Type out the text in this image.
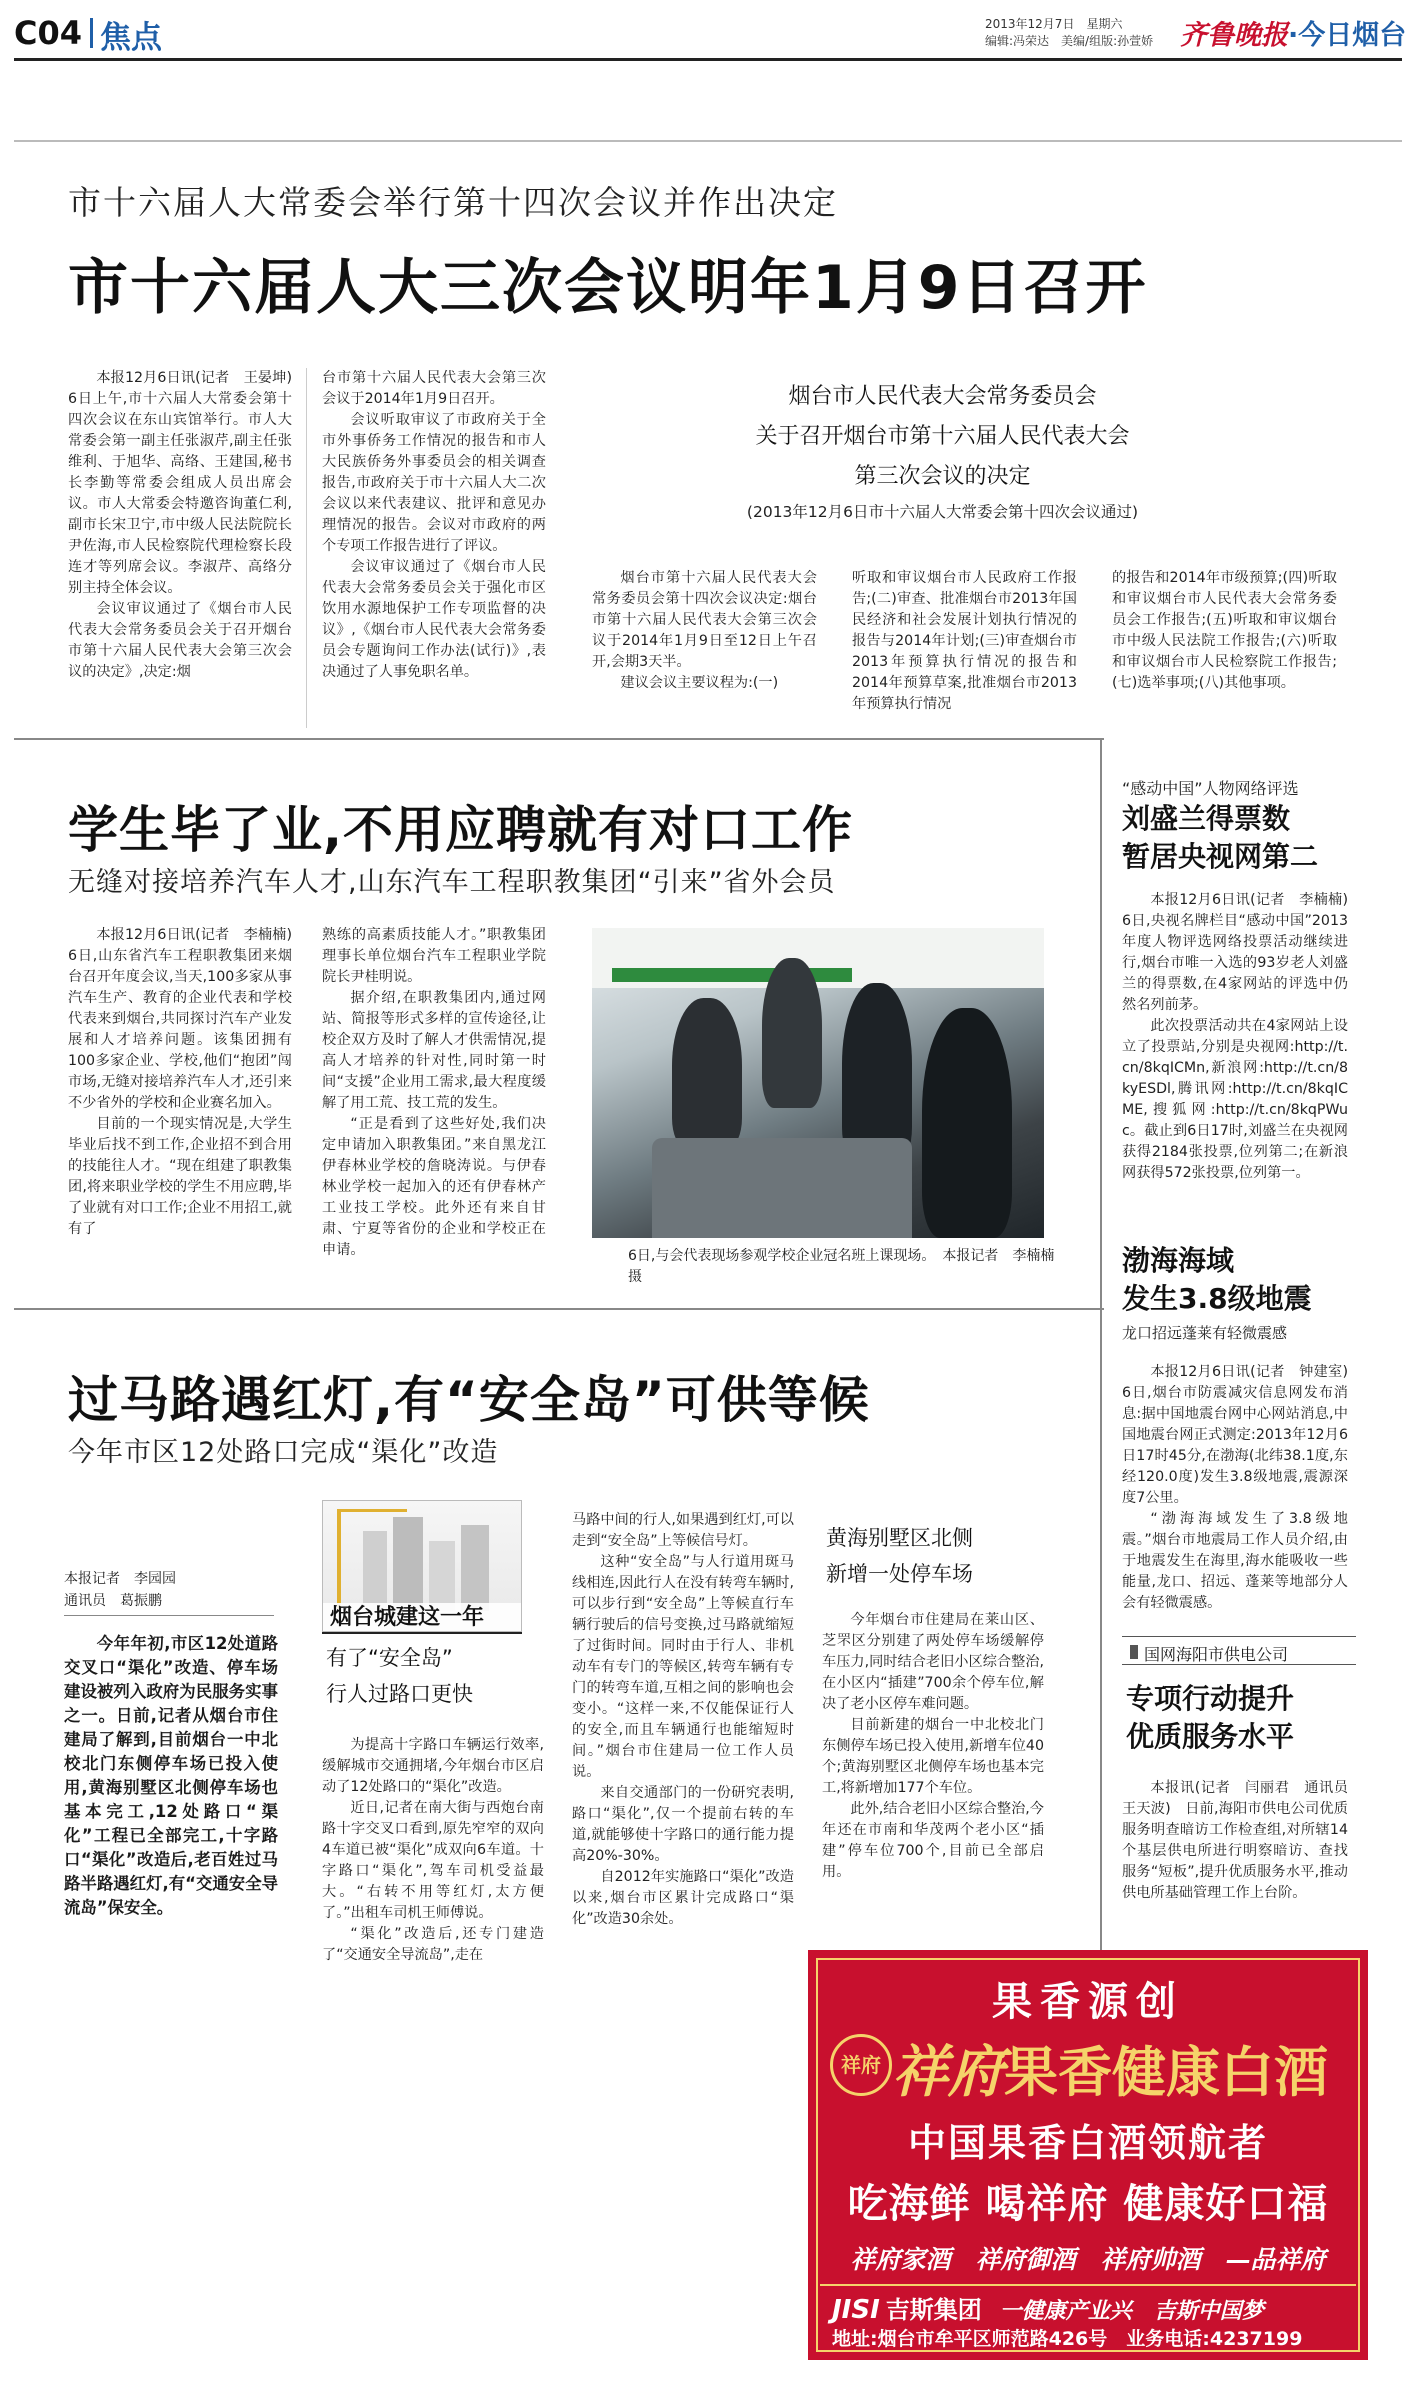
C04 焦点	2013年12月7日　星期六
编辑:冯荣达　美编/组版:孙萱娇 齐鲁晚报·今日烟台
市十六届人大常委会举行第十四次会议并作出决定
市十六届人大三次会议明年1月9日召开

本报12月6日讯(记者　王晏坤)　6日上午,市十六届人大常委会第十四次会议在东山宾馆举行。市人大常委会第一副主任张淑芹,副主任张维利、于旭华、高络、王建国,秘书长李勤等常委会组成人员出席会议。市人大常委会特邀咨询董仁利,副市长宋卫宁,市中级人民法院院长尹佐海,市人民检察院代理检察长段连才等列席会议。李淑芹、高络分别主持全体会议。

会议审议通过了《烟台市人民代表大会常务委员会关于召开烟台市第十六届人民代表大会第三次会议的决定》,决定:烟

台市第十六届人民代表大会第三次会议于2014年1月9日召开。

会议听取审议了市政府关于全市外事侨务工作情况的报告和市人大民族侨务外事委员会的相关调查报告,市政府关于市十六届人大二次会议以来代表建议、批评和意见办理情况的报告。会议对市政府的两个专项工作报告进行了评议。

会议审议通过了《烟台市人民代表大会常务委员会关于强化市区饮用水源地保护工作专项监督的决议》,《烟台市人民代表大会常务委员会专题询问工作办法(试行)》,表决通过了人事免职名单。

烟台市人民代表大会常务委员会
关于召开烟台市第十六届人民代表大会
第三次会议的决定
(2013年12月6日市十六届人大常委会第十四次会议通过)

烟台市第十六届人民代表大会常务委员会第十四次会议决定:烟台市第十六届人民代表大会第三次会议于2014年1月9日至12日上午召开,会期3天半。

建议会议主要议程为:(一)

听取和审议烟台市人民政府工作报告;(二)审查、批准烟台市2013年国民经济和社会发展计划执行情况的报告与2014年计划;(三)审查烟台市2013年预算执行情况的报告和2014年预算草案,批准烟台市2013年预算执行情况

的报告和2014年市级预算;(四)听取和审议烟台市人民代表大会常务委员会工作报告;(五)听取和审议烟台市中级人民法院工作报告;(六)听取和审议烟台市人民检察院工作报告;(七)选举事项;(八)其他事项。

学生毕了业,不用应聘就有对口工作
无缝对接培养汽车人才,山东汽车工程职教集团“引来”省外会员

本报12月6日讯(记者　李楠楠)　6日,山东省汽车工程职教集团来烟台召开年度会议,当天,100多家从事汽车生产、教育的企业代表和学校代表来到烟台,共同探讨汽车产业发展和人才培养问题。该集团拥有100多家企业、学校,他们“抱团”闯市场,无缝对接培养汽车人才,还引来不少省外的学校和企业赛名加入。

目前的一个现实情况是,大学生毕业后找不到工作,企业招不到合用的技能往人才。“现在组建了职教集团,将来职业学校的学生不用应聘,毕了业就有对口工作;企业不用招工,就有了

熟练的高素质技能人才。”职教集团理事长单位烟台汽车工程职业学院院长尹桂明说。

据介绍,在职教集团内,通过网站、简报等形式多样的宣传途径,让校企双方及时了解人才供需情况,提高人才培养的针对性,同时第一时间“支援”企业用工需求,最大程度缓解了用工荒、技工荒的发生。

“正是看到了这些好处,我们决定申请加入职教集团。”来自黑龙江伊春林业学校的詹晓涛说。与伊春林业学校一起加入的还有伊春林产工业技工学校。此外还有来自甘肃、宁夏等省份的企业和学校正在申请。	6日,与会代表现场参观学校企业冠名班上课现场。　本报记者　李楠楠　摄
过马路遇红灯,有“安全岛”可供等候
今年市区12处路口完成“渠化”改造
本报记者　李园园
通讯员　葛振鹏
今年年初,市区12处道路交叉口“渠化”改造、停车场建设被列入政府为民服务实事之一。日前,记者从烟台市住建局了解到,目前烟台一中北校北门东侧停车场已投入使用,黄海别墅区北侧停车场也基本完工,12处路口“渠化”工程已全部完工,十字路口“渠化”改造后,老百姓过马路半路遇红灯,有“交通安全导流岛”保安全。
烟台城建这一年
有了“安全岛”
行人过路口更快

为提高十字路口车辆运行效率,缓解城市交通拥堵,今年烟台市区启动了12处路口的“渠化”改造。

近日,记者在南大街与西炮台南路十字交叉口看到,原先窄窄的双向4车道已被“渠化”成双向6车道。十字路口“渠化”,驾车司机受益最大。“右转不用等红灯,太方便了。”出租车司机王师傅说。

“渠化”改造后,还专门建造了“交通安全导流岛”,走在

马路中间的行人,如果遇到红灯,可以走到“安全岛”上等候信号灯。

这种“安全岛”与人行道用斑马线相连,因此行人在没有转弯车辆时,可以步行到“安全岛”上等候直行车辆行驶后的信号变换,过马路就缩短了过街时间。同时由于行人、非机动车有专门的等候区,转弯车辆有专门的转弯车道,互相之间的影响也会变小。“这样一来,不仅能保证行人的安全,而且车辆通行也能缩短时间。”烟台市住建局一位工作人员说。

来自交通部门的一份研究表明,路口“渠化”,仅一个提前右转的车道,就能够使十字路口的通行能力提高20%-30%。

自2012年实施路口“渠化”改造以来,烟台市区累计完成路口“渠化”改造30余处。

黄海别墅区北侧
新增一处停车场

今年烟台市住建局在莱山区、芝罘区分别建了两处停车场缓解停车压力,同时结合老旧小区综合整治,在小区内“插建”700余个停车位,解决了老小区停车难问题。

目前新建的烟台一中北校北门东侧停车场已投入使用,新增车位40个;黄海别墅区北侧停车场也基本完工,将新增加177个车位。

此外,结合老旧小区综合整治,今年还在市南和华茂两个老小区“插建”停车位700个,目前已全部启用。

“感动中国”人物网络评选
刘盛兰得票数
暂居央视网第二

本报12月6日讯(记者　李楠楠)　6日,央视名牌栏目“感动中国”2013年度人物评选网络投票活动继续进行,烟台市唯一入选的93岁老人刘盛兰的得票数,在4家网站的评选中仍然名列前茅。

此次投票活动共在4家网站上设立了投票站,分别是央视网:http://t.cn/8kqICMn,新浪网:http://t.cn/8kyESDl,腾讯网:http://t.cn/8kqICME,搜狐网:http://t.cn/8kqPWuc。截止到6日17时,刘盛兰在央视网获得2184张投票,位列第二;在新浪网获得572张投票,位列第一。

渤海海域
发生3.8级地震
龙口招远蓬莱有轻微震感

本报12月6日讯(记者　钟建室)　6日,烟台市防震减灾信息网发布消息:据中国地震台网中心网站消息,中国地震台网正式测定:2013年12月6日17时45分,在渤海(北纬38.1度,东经120.0度)发生3.8级地震,震源深度7公里。

“渤海海域发生了3.8级地震。”烟台市地震局工作人员介绍,由于地震发生在海里,海水能吸收一些能量,龙口、招远、蓬莱等地部分人会有轻微震感。

国网海阳市供电公司
专项行动提升
优质服务水平

本报讯(记者　闫丽君　通讯员　王天波)　日前,海阳市供电公司优质服务明查暗访工作检查组,对所辖14个基层供电所进行明察暗访、查找服务“短板”,提升优质服务水平,推动供电所基础管理工作上台阶。

果香源创
祥府 祥府果香健康白酒
中国果香白酒领航者
吃海鲜 喝祥府 健康好口福
祥府家酒　祥府御酒　祥府帅酒　—品祥府
JISI 吉斯集团 一健康产业兴　吉斯中国梦
地址:烟台市牟平区师范路426号　 业务电话:4237199
